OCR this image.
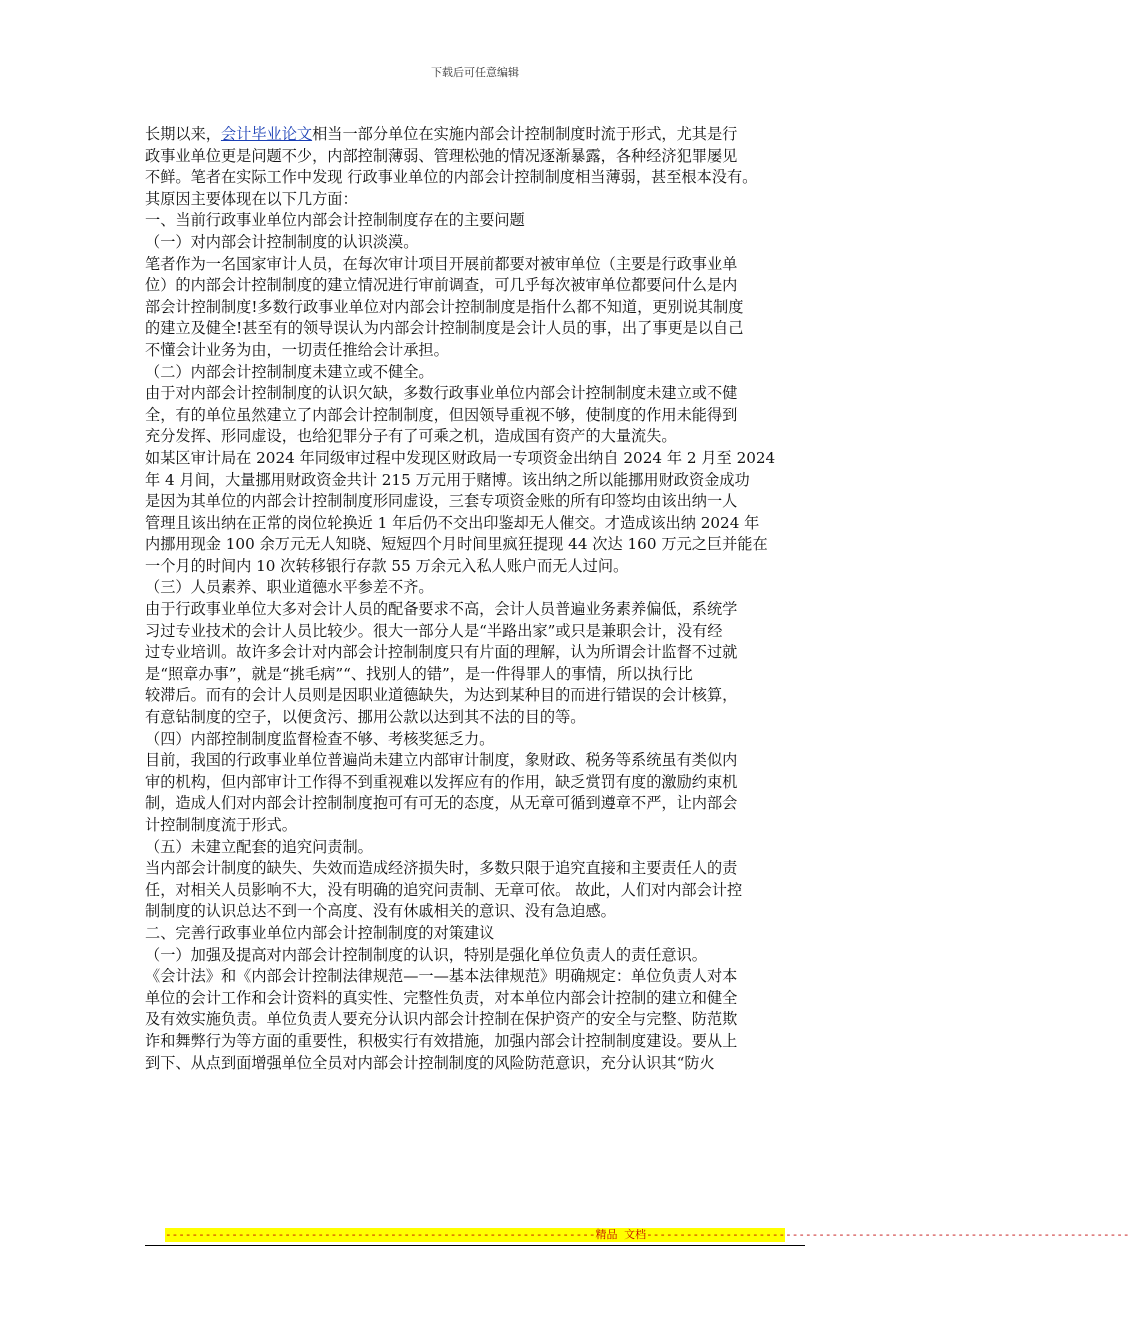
下载后可任意编辑
长期以来，会计毕业论文相当一部分单位在实施内部会计控制制度时流于形式，尤其是行
政事业单位更是问题不少，内部控制薄弱、管理松弛的情况逐渐暴露，各种经济犯罪屡见
不鲜。笔者在实际工作中发现 行政事业单位的内部会计控制制度相当薄弱，甚至根本没有。
其原因主要体现在以下几方面：
一、当前行政事业单位内部会计控制制度存在的主要问题
（一）对内部会计控制制度的认识淡漠。
笔者作为一名国家审计人员，在每次审计项目开展前都要对被审单位（主要是行政事业单
位）的内部会计控制制度的建立情况进行审前调查，可几乎每次被审单位都要问什么是内
部会计控制制度!多数行政事业单位对内部会计控制制度是指什么都不知道，更别说其制度
的建立及健全!甚至有的领导误认为内部会计控制制度是会计人员的事，出了事更是以自己
不懂会计业务为由，一切责任推给会计承担。
（二）内部会计控制制度未建立或不健全。
由于对内部会计控制制度的认识欠缺，多数行政事业单位内部会计控制制度未建立或不健
全，有的单位虽然建立了内部会计控制制度，但因领导重视不够，使制度的作用未能得到
充分发挥、形同虚设，也给犯罪分子有了可乘之机，造成国有资产的大量流失。
如某区审计局在 2024 年同级审过程中发现区财政局一专项资金出纳自 2024 年 2 月至 2024
年 4 月间，大量挪用财政资金共计 215 万元用于赌博。该出纳之所以能挪用财政资金成功
是因为其单位的内部会计控制制度形同虚设，三套专项资金账的所有印签均由该出纳一人
管理且该出纳在正常的岗位轮换近 1 年后仍不交出印鉴却无人催交。才造成该出纳 2024 年
内挪用现金 100 余万元无人知晓、短短四个月时间里疯狂提现 44 次达 160 万元之巨并能在
一个月的时间内 10 次转移银行存款 55 万余元入私人账户而无人过问。
（三）人员素养、职业道德水平参差不齐。
由于行政事业单位大多对会计人员的配备要求不高，会计人员普遍业务素养偏低，系统学
习过专业技术的会计人员比较少。很大一部分人是“半路出家”或只是兼职会计，没有经
过专业培训。故许多会计对内部会计控制制度只有片面的理解，认为所谓会计监督不过就
是“照章办事”，就是“挑毛病”“、找别人的错”，是一件得罪人的事情，所以执行比
较滞后。而有的会计人员则是因职业道德缺失，为达到某种目的而进行错误的会计核算，
有意钻制度的空子，以便贪污、挪用公款以达到其不法的目的等。
（四）内部控制制度监督检查不够、考核奖惩乏力。
目前，我国的行政事业单位普遍尚未建立内部审计制度，象财政、税务等系统虽有类似内
审的机构，但内部审计工作得不到重视难以发挥应有的作用，缺乏赏罚有度的激励约束机
制，造成人们对内部会计控制制度抱可有可无的态度，从无章可循到遵章不严，让内部会
计控制制度流于形式。
（五）未建立配套的追究问责制。
当内部会计制度的缺失、失效而造成经济损失时，多数只限于追究直接和主要责任人的责
任，对相关人员影响不大，没有明确的追究问责制、无章可依。 故此，人们对内部会计控
制制度的认识总达不到一个高度、没有休戚相关的意识、没有急迫感。
二、完善行政事业单位内部会计控制制度的对策建议
（一）加强及提高对内部会计控制制度的认识，特别是强化单位负责人的责任意识。
《会计法》和《内部会计控制法律规范—一—基本法律规范》明确规定：单位负责人对本
单位的会计工作和会计资料的真实性、完整性负责，对本单位内部会计控制的建立和健全
及有效实施负责。单位负责人要充分认识内部会计控制在保护资产的安全与完整、防范欺
诈和舞弊行为等方面的重要性，积极实行有效措施，加强内部会计控制制度建设。要从上
到下、从点到面增强单位全员对内部会计控制制度的风险防范意识，充分认识其“防火
-----------------------------------------------------------------精品 文档-------------------------------------------------------------------------
